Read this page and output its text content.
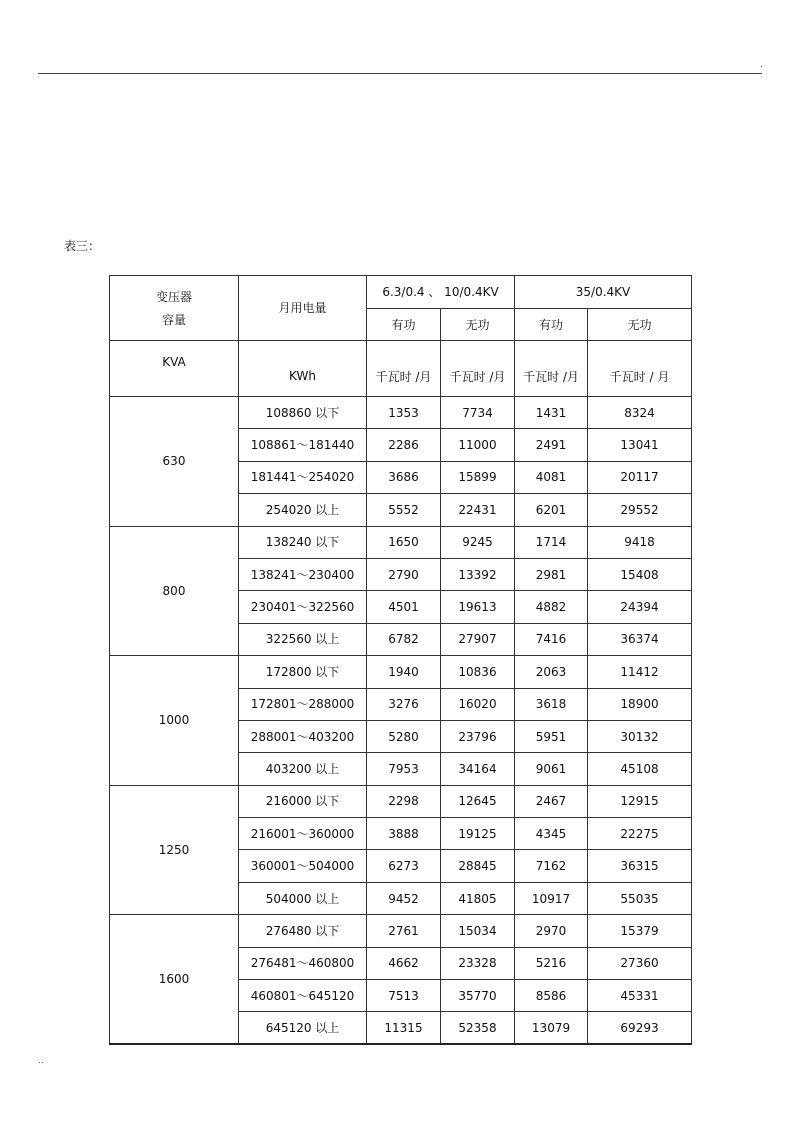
.
表三：
变压器
容量	月用电量	6.3/0.4 、 10/0.4KV		35/0.4KV	
		有功	无功	有功	无功
KVA	KWh	千瓦时 /月	千瓦时 /月	千瓦时 /月	千瓦时 / 月
630	108860 以下	1353	7734	1431	8324
	108861～181440	2286	11000	2491	13041
	181441～254020	3686	15899	4081	20117
	254020 以上	5552	22431	6201	29552
800	138240 以下	1650	9245	1714	9418
	138241～230400	2790	13392	2981	15408
	230401～322560	4501	19613	4882	24394
	322560 以上	6782	27907	7416	36374
1000	172800 以下	1940	10836	2063	11412
	172801～288000	3276	16020	3618	18900
	288001～403200	5280	23796	5951	30132
	403200 以上	7953	34164	9061	45108
1250	216000 以下	2298	12645	2467	12915
	216001～360000	3888	19125	4345	22275
	360001～504000	6273	28845	7162	36315
	504000 以上	9452	41805	10917	55035
1600	276480 以下	2761	15034	2970	15379
	276481～460800	4662	23328	5216	27360
	460801～645120	7513	35770	8586	45331
	645120 以上	11315	52358	13079	69293
..
